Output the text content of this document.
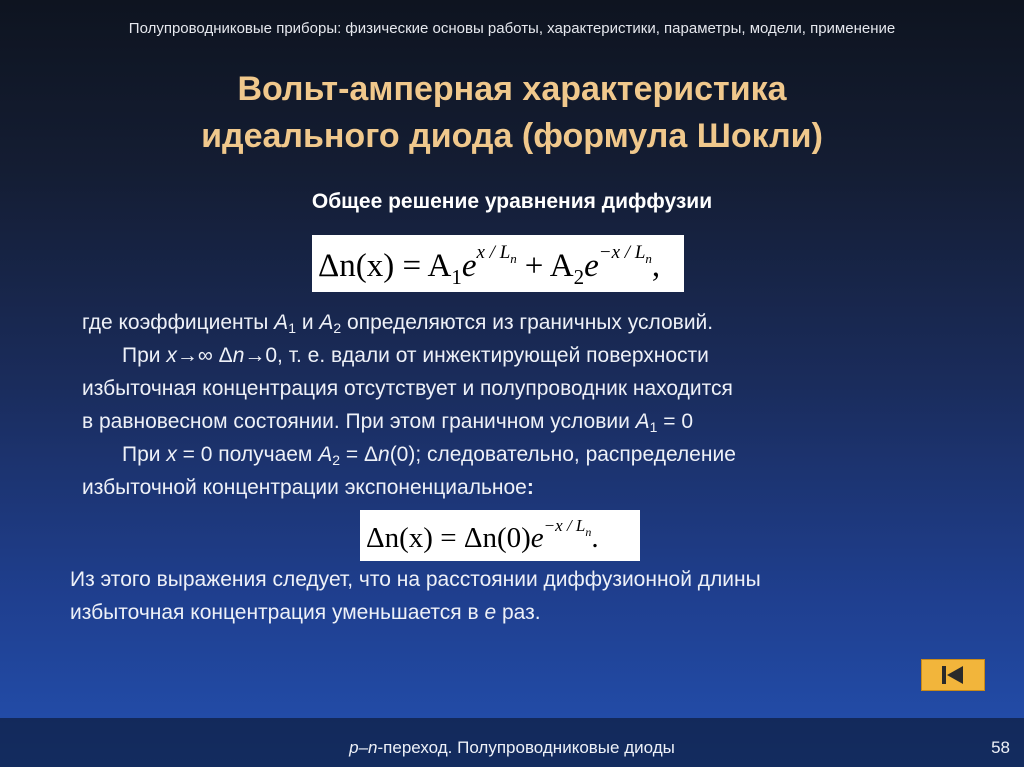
Полупроводниковые приборы: физические основы работы, характеристики, параметры, модели, применение
Вольт-амперная характеристика
идеального диода (формула Шокли)
Общее решение уравнения диффузии
$\Delta n(x) = A_1e^{x / L}n + A_2e^{-x / L}n$,
где коэффициенты $A_1$ и $A_2$ определяются из граничных условий.
При x→∞ Δn→0, т. е. вдали от инжектирующей поверхности
избыточная концентрация отсутствует и полупроводник находится
в равновесном состоянии. При этом граничном условии $A_1 = 0$
При x = 0 получаем $A_2 = \Delta n(0)$; следовательно, распределение
избыточной концентрации экспоненциальное:
$\Delta n(x) = \Delta n(0)e^{-x / L}n$.
Из этого выражения следует, что на расстоянии диффузионной длины
избыточная концентрация уменьшается в e раз.
p–n-переход. Полупроводниковые диоды	58
